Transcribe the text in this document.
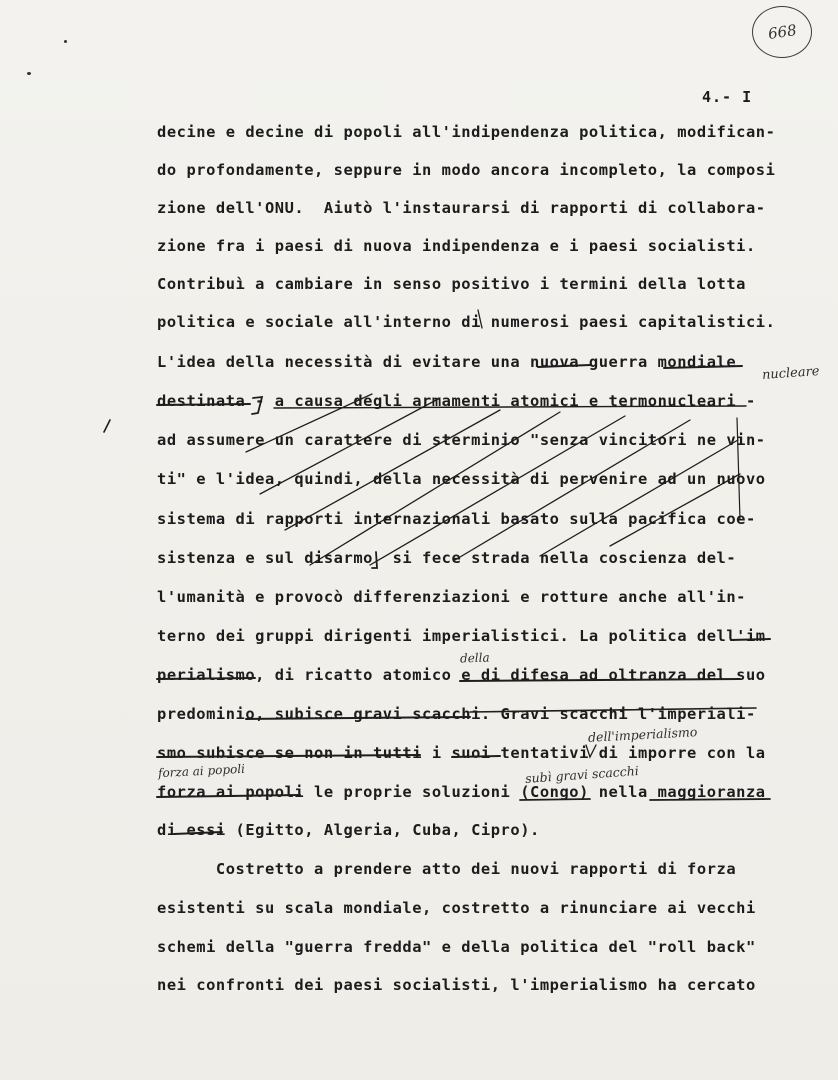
668
4.- I
decine e decine di popoli all'indipendenza politica, modifican-
do profondamente, seppure in modo ancora incompleto, la composi
zione dell'ONU.  Aiutò l'instaurarsi di rapporti di collabora-
zione fra i paesi di nuova indipendenza e i paesi socialisti.
Contribuì a cambiare in senso positivo i termini della lotta
politica e sociale all'interno di numerosi paesi capitalistici.
L'idea della necessità di evitare una nuova guerra mondiale
destinata - a causa degli armamenti atomici e termonucleari -
ad assumere un carattere di sterminio "senza vincitori ne vin-
ti" e l'idea, quindi, della necessità di pervenire ad un nuovo
sistema di rapporti internazionali basato sulla pacifica coe-
sistenza e sul disarmo  si fece strada nella coscienza del-
l'umanità e provocò differenziazioni e rotture anche all'in-
terno dei gruppi dirigenti imperialistici. La politica dell'im
perialismo, di ricatto atomico e di difesa ad oltranza del suo
predominio, subisce gravi scacchi. Gravi scacchi l'imperiali-
smo subisce se non in tutti i suoi tentativi di imporre con la
forza ai popoli le proprie soluzioni (Congo) nella maggioranza
di essi (Egitto, Algeria, Cuba, Cipro).
Costretto a prendere atto dei nuovi rapporti di forza
esistenti su scala mondiale, costretto a rinunciare ai vecchi
schemi della "guerra fredda" e della politica del "roll back"
nei confronti dei paesi socialisti, l'imperialismo ha cercato
nucleare
della
dell'imperialismo
subì gravi scacchi
forza ai popoli
